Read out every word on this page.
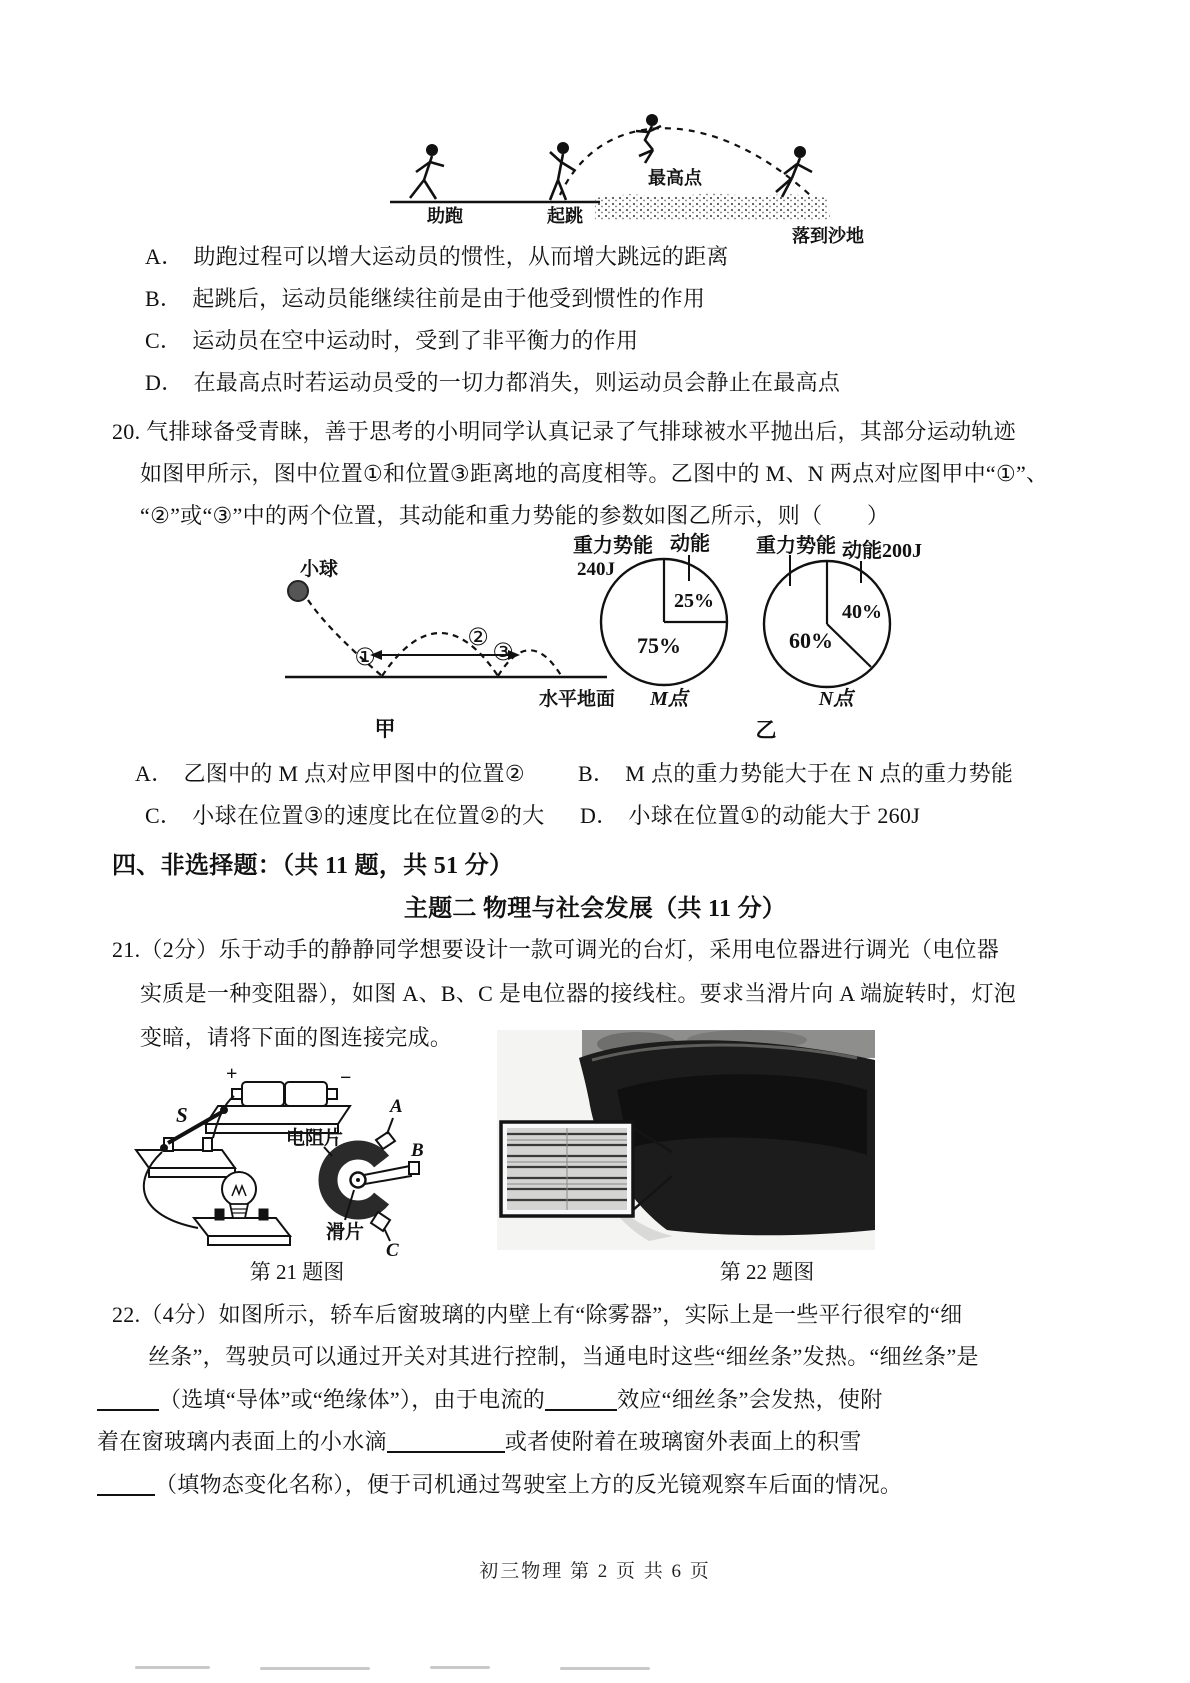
助跑	起跳
最高点
落到沙地
A． 助跑过程可以增大运动员的惯性，从而增大跳远的距离
B． 起跳后，运动员能继续往前是由于他受到惯性的作用
C． 运动员在空中运动时，受到了非平衡力的作用
D． 在最高点时若运动员受的一切力都消失，则运动员会静止在最高点
20. 气排球备受青睐，善于思考的小明同学认真记录了气排球被水平抛出后，其部分运动轨迹
如图甲所示，图中位置①和位置③距离地的高度相等。乙图中的 M、N 两点对应图甲中“①”、
“②”或“③”中的两个位置，其动能和重力势能的参数如图乙所示，则（　　）
小球
①
②
③
水平地面
甲
重力势能
240J
动能
25%
75%
M点
重力势能 动能200J
40%
60%
N点
乙
A． 乙图中的 M 点对应甲图中的位置② B． M 点的重力势能大于在 N 点的重力势能
C． 小球在位置③的速度比在位置②的大 D． 小球在位置①的动能大于 260J
四、非选择题：（共 11 题，共 51 分）
主题二 物理与社会发展（共 11 分）
21.（2分）乐于动手的静静同学想要设计一款可调光的台灯，采用电位器进行调光（电位器
实质是一种变阻器），如图 A、B、C 是电位器的接线柱。要求当滑片向 A 端旋转时，灯泡
变暗，请将下面的图连接完成。
+	−
S
电阻片
A
C
B
滑片
第 21 题图	第 22 题图
22.（4分）如图所示，轿车后窗玻璃的内壁上有“除雾器”，实际上是一些平行很窄的“细
丝条”，驾驶员可以通过开关对其进行控制，当通电时这些“细丝条”发热。“细丝条”是
（选填“导体”或“绝缘体”），由于电流的	效应“细丝条”会发热，使附
着在窗玻璃内表面上的小水滴	或者使附着在玻璃窗外表面上的积雪
（填物态变化名称），便于司机通过驾驶室上方的反光镜观察车后面的情况。
初三物理 第 2 页 共 6 页
